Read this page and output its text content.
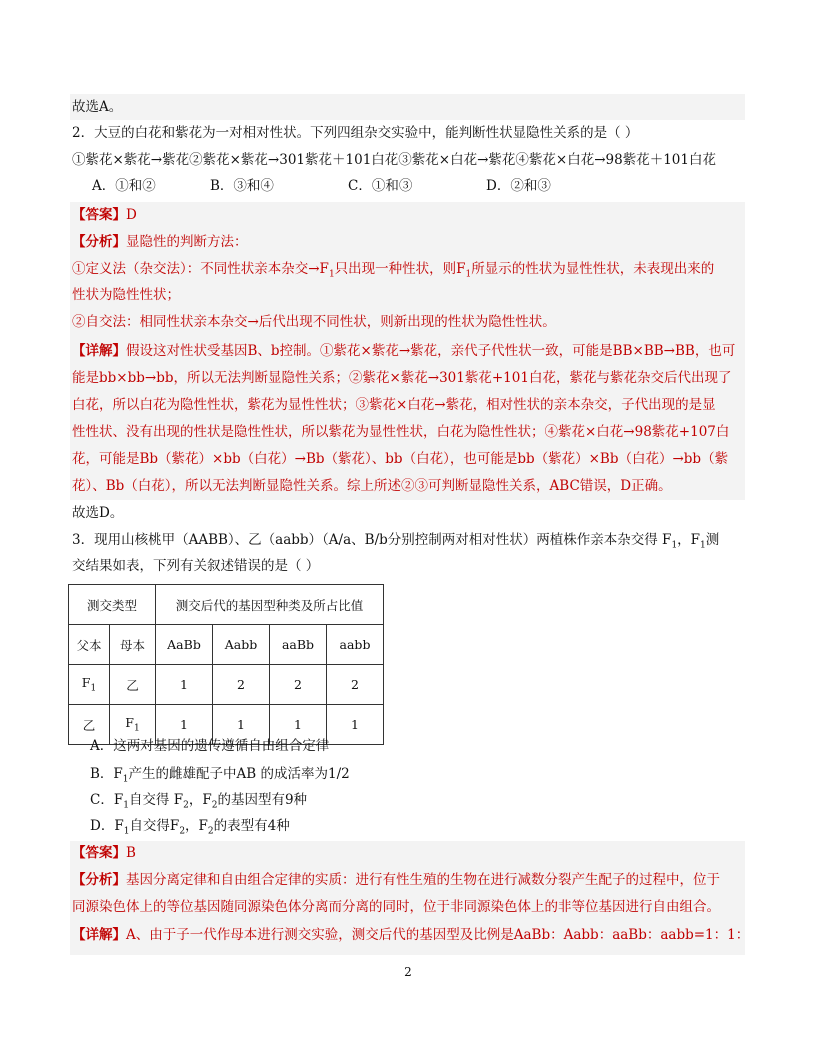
故选A。
2．大豆的白花和紫花为一对相对性状。下列四组杂交实验中，能判断性状显隐性关系的是（ ）
①紫花×紫花→紫花②紫花×紫花→301紫花＋101白花③紫花×白花→紫花④紫花×白花→98紫花＋101白花
A．①和②	B．③和④	C．①和③	D．②和③
【答案】D
【分析】显隐性的判断方法：
①定义法（杂交法）：不同性状亲本杂交$\to F_1$只出现一种性状，则$F_1$所显示的性状为显性性状，未表现出来的
性状为隐性性状；
②自交法：相同性状亲本杂交→后代出现不同性状，则新出现的性状为隐性性状。
【详解】假设这对性状受基因B、b控制。①紫花×紫花→紫花，亲代子代性状一致，可能是BB×BB→BB，也可
能是bb×bb→bb，所以无法判断显隐性关系；②紫花×紫花→301紫花+101白花，紫花与紫花杂交后代出现了
白花，所以白花为隐性性状，紫花为显性性状；③紫花×白花→紫花，相对性状的亲本杂交，子代出现的是显
性性状、没有出现的性状是隐性性状，所以紫花为显性性状，白花为隐性性状；④紫花×白花→98紫花+107白
花，可能是Bb（紫花）×bb（白花）→Bb（紫花）、bb（白花），也可能是bb（紫花）×Bb（白花）→bb（紫
花）、Bb（白花），所以无法判断显隐性关系。综上所述②③可判断显隐性关系，ABC错误，D正确。
故选D。
3．现用山核桃甲（AABB）、乙（aabb）（A/a、B/b分别控制两对相对性状）两植株作亲本杂交得 $F_1$，$F_1$测
交结果如表，下列有关叙述错误的是（ ）
测交类型		测交后代的基因型种类及所占比值			
父本	母本	AaBb	Aabb	aaBb	aabb
$F_1$	乙	1	2	2	2
乙	$F_1$	1	1	1	1
A．这两对基因的遗传遵循自由组合定律
B．$F_1$产生的雌雄配子中AB 的成活率为1/2
C．$F_1$自交得 $F_2$，$F_2$的基因型有9种
D．$F_1$自交得$F_2$，$F_2$的表型有4种
【答案】B
【分析】基因分离定律和自由组合定律的实质：进行有性生殖的生物在进行减数分裂产生配子的过程中，位于
同源染色体上的等位基因随同源染色体分离而分离的同时，位于非同源染色体上的非等位基因进行自由组合。
【详解】A、由于子一代作母本进行测交实验，测交后代的基因型及比例是AaBb：Aabb：aaBb：aabb=1：1：
2
